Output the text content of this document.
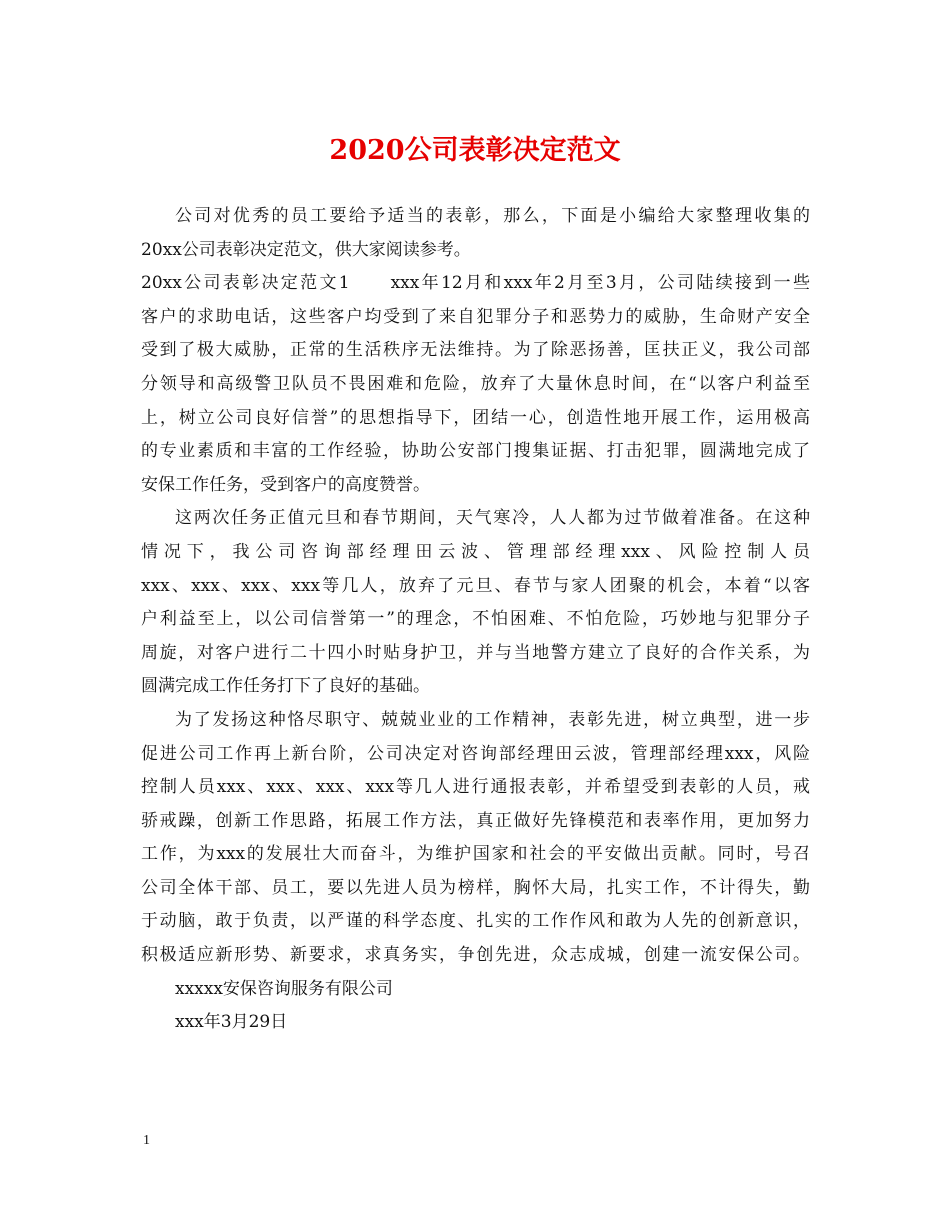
2020公司表彰决定范文
公司对优秀的员工要给予适当的表彰，那么，下面是小编给大家整理收集的
20xx公司表彰决定范文，供大家阅读参考。
20xx公司表彰决定范文1　　xxx年12月和xxx年2月至3月，公司陆续接到一些
客户的求助电话，这些客户均受到了来自犯罪分子和恶势力的威胁，生命财产安全
受到了极大威胁，正常的生活秩序无法维持。为了除恶扬善，匡扶正义，我公司部
分领导和高级警卫队员不畏困难和危险，放弃了大量休息时间，在“以客户利益至
上，树立公司良好信誉”的思想指导下，团结一心，创造性地开展工作，运用极高
的专业素质和丰富的工作经验，协助公安部门搜集证据、打击犯罪，圆满地完成了
安保工作任务，受到客户的高度赞誉。
这两次任务正值元旦和春节期间，天气寒冷，人人都为过节做着准备。在这种
情况下，我公司咨询部经理田云波、管理部经理xxx、风险控制人员
xxx、xxx、xxx、xxx等几人，放弃了元旦、春节与家人团聚的机会，本着“以客
户利益至上，以公司信誉第一”的理念，不怕困难、不怕危险，巧妙地与犯罪分子
周旋，对客户进行二十四小时贴身护卫，并与当地警方建立了良好的合作关系，为
圆满完成工作任务打下了良好的基础。
为了发扬这种恪尽职守、兢兢业业的工作精神，表彰先进，树立典型，进一步
促进公司工作再上新台阶，公司决定对咨询部经理田云波，管理部经理xxx，风险
控制人员xxx、xxx、xxx、xxx等几人进行通报表彰，并希望受到表彰的人员，戒
骄戒躁，创新工作思路，拓展工作方法，真正做好先锋模范和表率作用，更加努力
工作，为xxx的发展壮大而奋斗，为维护国家和社会的平安做出贡献。同时，号召
公司全体干部、员工，要以先进人员为榜样，胸怀大局，扎实工作，不计得失，勤
于动脑，敢于负责，以严谨的科学态度、扎实的工作作风和敢为人先的创新意识，
积极适应新形势、新要求，求真务实，争创先进，众志成城，创建一流安保公司。
xxxxx安保咨询服务有限公司
xxx年3月29日
1
